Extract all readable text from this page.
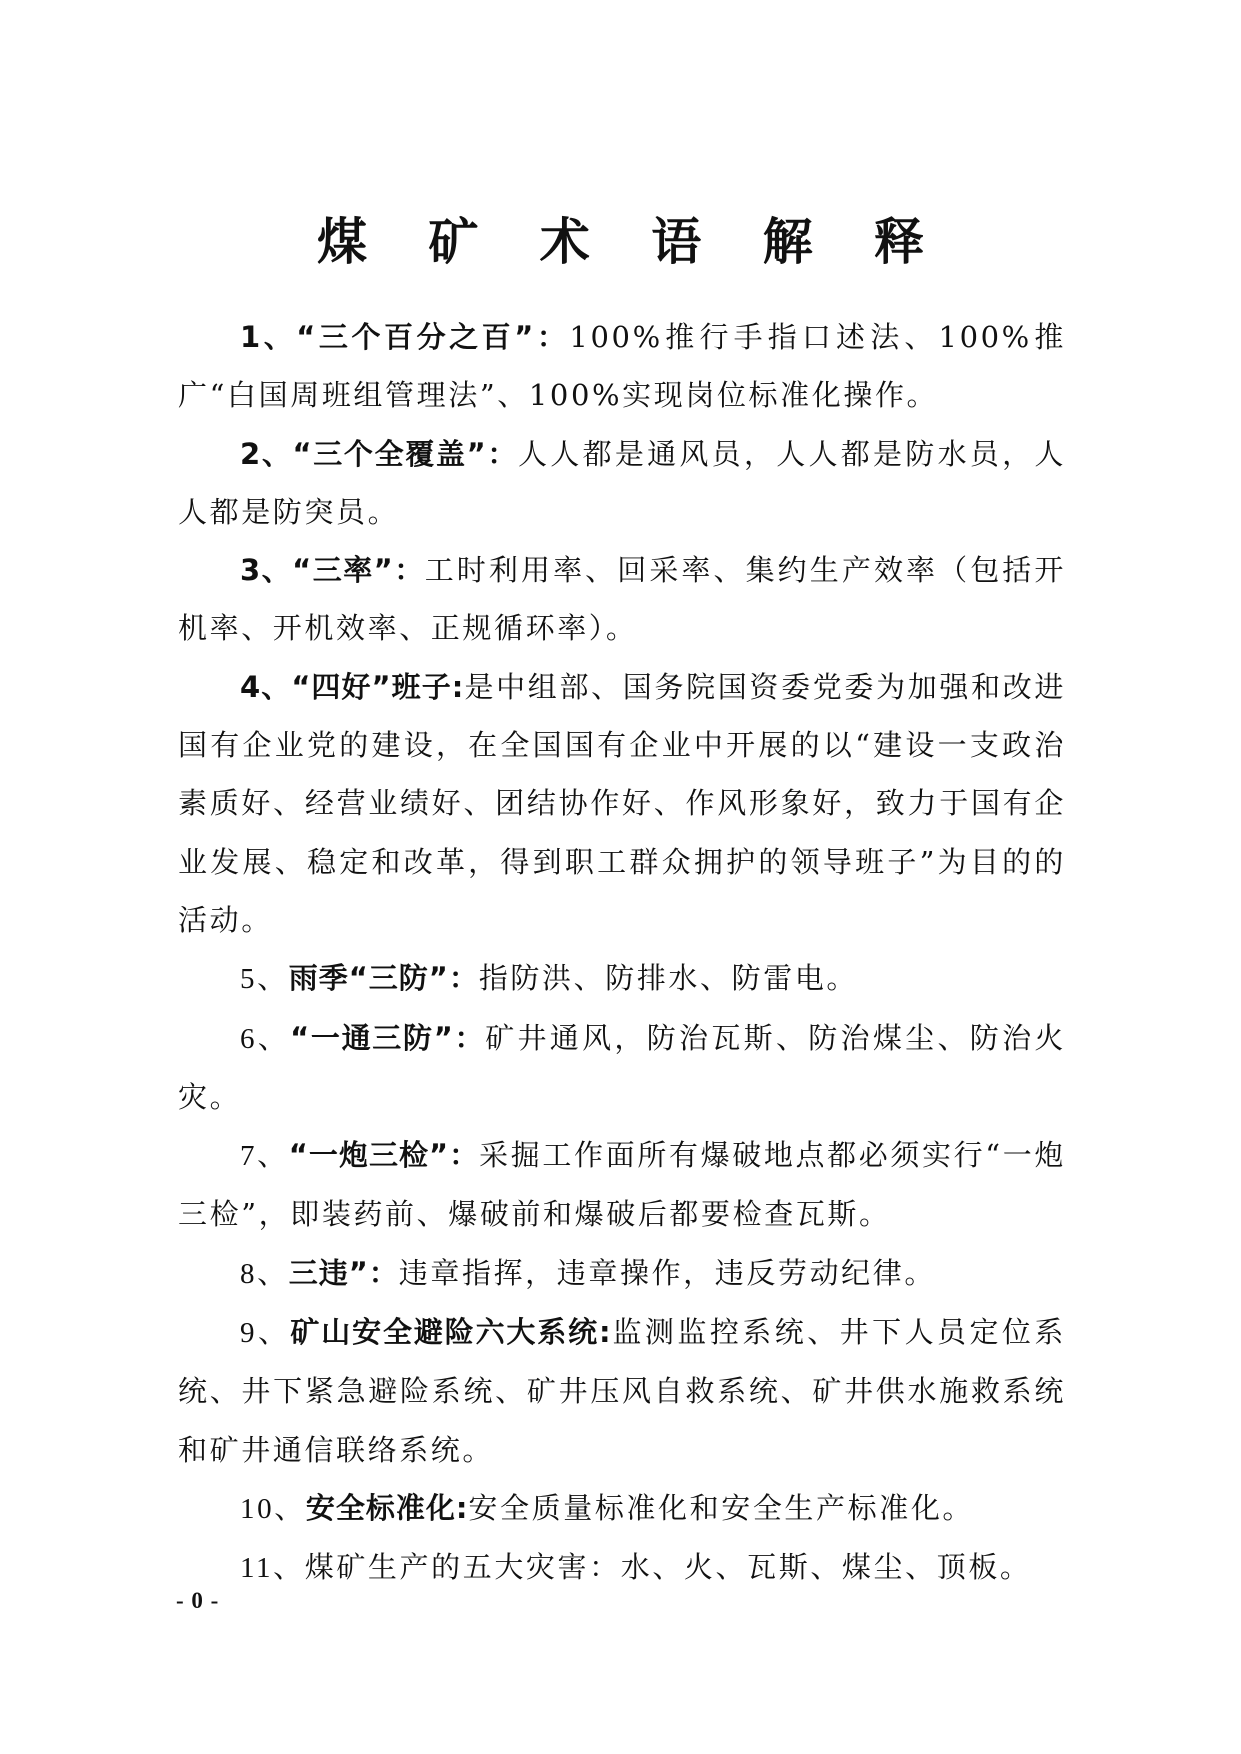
煤 矿 术 语 解 释

1、“三个百分之百”：100%推行手指口述法、100%推广“白国周班组管理法”、100%实现岗位标准化操作。

2、“三个全覆盖”：人人都是通风员，人人都是防水员，人人都是防突员。

3、“三率”：工时利用率、回采率、集约生产效率（包括开机率、开机效率、正规循环率）。

4、“四好”班子:是中组部、国务院国资委党委为加强和改进国有企业党的建设，在全国国有企业中开展的以“建设一支政治素质好、经营业绩好、团结协作好、作风形象好，致力于国有企业发展、稳定和改革，得到职工群众拥护的领导班子”为目的的活动。

5、雨季“三防”：指防洪、防排水、防雷电。

6、“一通三防”：矿井通风，防治瓦斯、防治煤尘、防治火灾。

7、“一炮三检”：采掘工作面所有爆破地点都必须实行“一炮三检”，即装药前、爆破前和爆破后都要检查瓦斯。

8、三违”：违章指挥，违章操作，违反劳动纪律。

9、矿山安全避险六大系统:监测监控系统、井下人员定位系统、井下紧急避险系统、矿井压风自救系统、矿井供水施救系统和矿井通信联络系统。

10、安全标准化:安全质量标准化和安全生产标准化。

11、煤矿生产的五大灾害：水、火、瓦斯、煤尘、顶板。

- 0 -
